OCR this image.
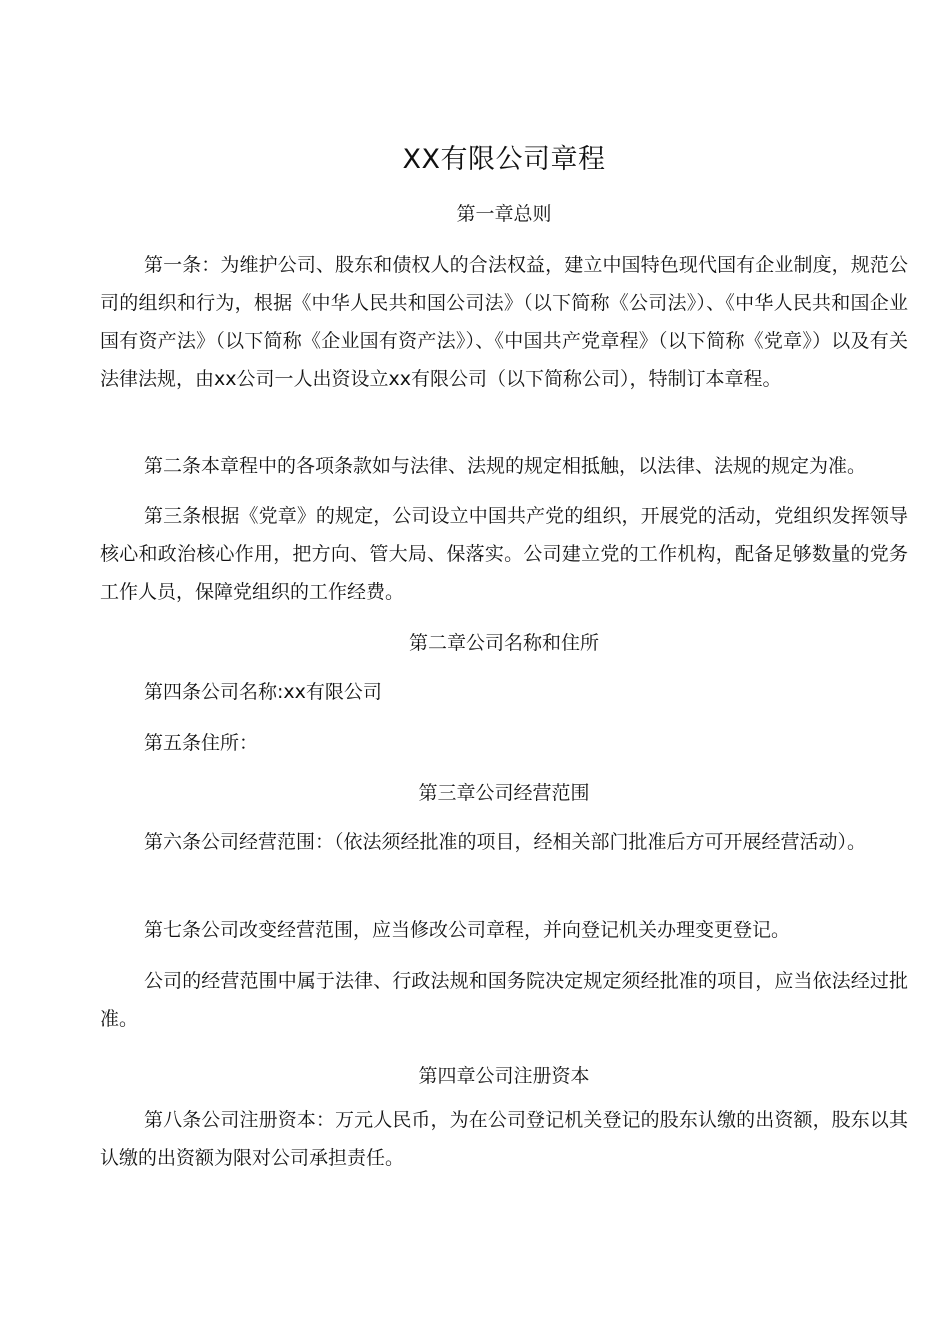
XX有限公司章程
第一章总则

第一条：为维护公司、股东和债权人的合法权益，建立中国特色现代国有企业制度，规范公司的组织和行为，根据《中华人民共和国公司法》（以下简称《公司法》）、《中华人民共和国企业国有资产法》（以下简称《企业国有资产法》）、《中国共产党章程》（以下简称《党章》）以及有关法律法规，由xx公司一人出资设立xx有限公司（以下简称公司），特制订本章程。

第二条本章程中的各项条款如与法律、法规的规定相抵触，以法律、法规的规定为准。

第三条根据《党章》的规定，公司设立中国共产党的组织，开展党的活动，党组织发挥领导核心和政治核心作用，把方向、管大局、保落实。公司建立党的工作机构，配备足够数量的党务工作人员，保障党组织的工作经费。

第二章公司名称和住所

第四条公司名称:xx有限公司

第五条住所：

第三章公司经营范围

第六条公司经营范围：（依法须经批准的项目，经相关部门批准后方可开展经营活动）。

第七条公司改变经营范围，应当修改公司章程，并向登记机关办理变更登记。

公司的经营范围中属于法律、行政法规和国务院决定规定须经批准的项目，应当依法经过批准。

第四章公司注册资本

第八条公司注册资本：万元人民币，为在公司登记机关登记的股东认缴的出资额，股东以其认缴的出资额为限对公司承担责任。
